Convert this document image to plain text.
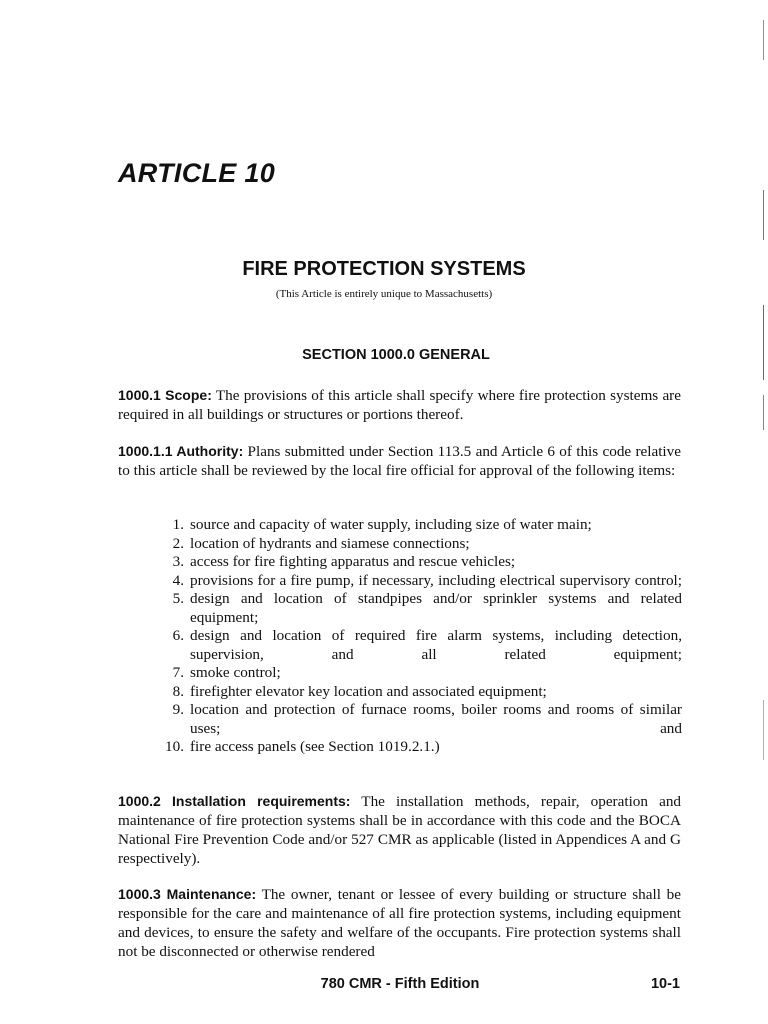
ARTICLE 10
FIRE PROTECTION SYSTEMS

(This Article is entirely unique to Massachusetts)

SECTION 1000.0 GENERAL

1000.1 Scope: The provisions of this article shall specify where fire protection systems are required in all buildings or structures or portions thereof.

1000.1.1 Authority: Plans submitted under Section 113.5 and Article 6 of this code relative to this article shall be reviewed by the local fire official for approval of the following items:

1. source and capacity of water supply, including size of water main;
2. location of hydrants and siamese connections;
3. access for fire fighting apparatus and rescue vehicles;
4. provisions for a fire pump, if necessary, including electrical supervisory control;
5. design and location of standpipes and/or sprinkler systems and related equipment;
6. design and location of required fire alarm systems, including detection, supervision, and all related equipment;
7. smoke control;
8. firefighter elevator key location and associated equipment;
9. location and protection of furnace rooms, boiler rooms and rooms of similar uses; and
10. fire access panels (see Section 1019.2.1.)

1000.2 Installation requirements: The installation methods, repair, operation and maintenance of fire protection systems shall be in accordance with this code and the BOCA National Fire Prevention Code and/or 527 CMR as applicable (listed in Appendices A and G respectively).

1000.3 Maintenance: The owner, tenant or lessee of every building or structure shall be responsible for the care and maintenance of all fire protection systems, including equipment and devices, to ensure the safety and welfare of the occupants. Fire protection systems shall not be disconnected or otherwise rendered

780 CMR - Fifth Edition	10-1
